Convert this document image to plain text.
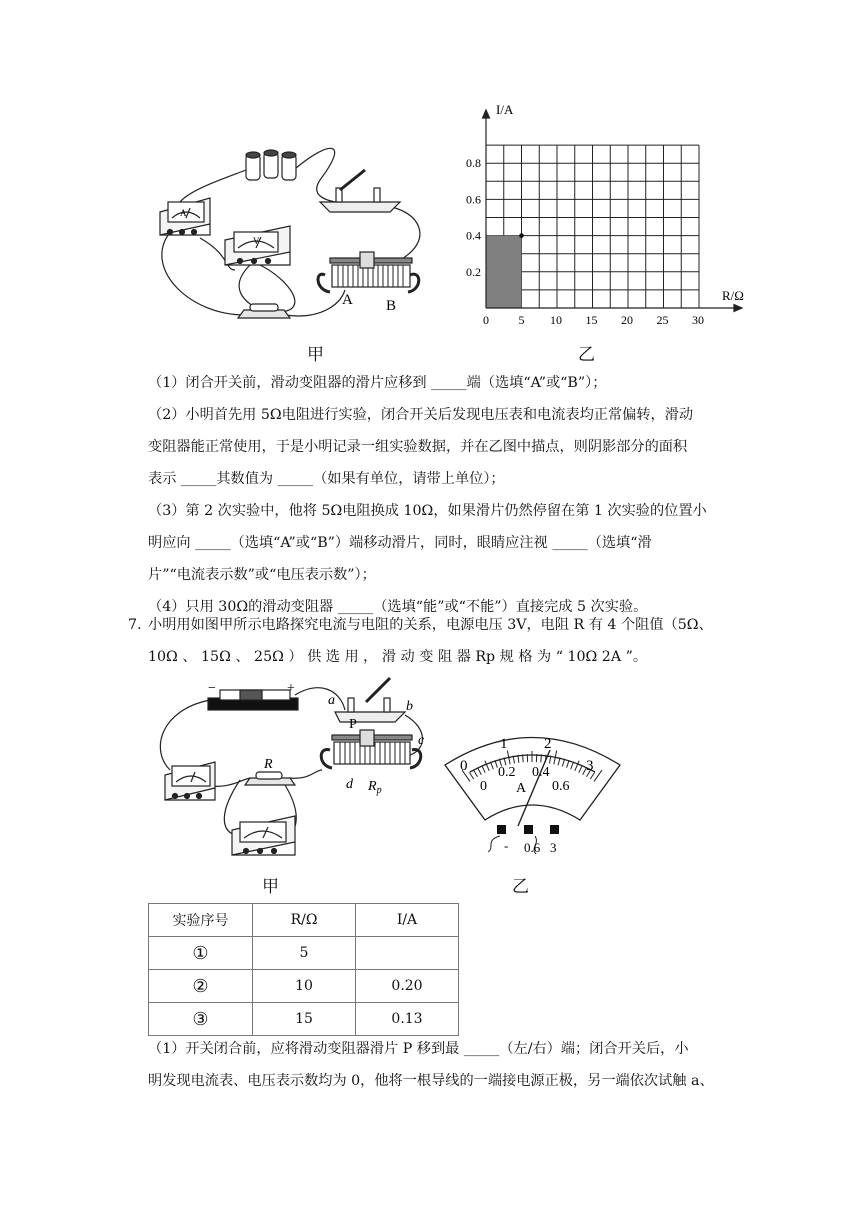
A
V
A B
0 5 10 15 20 25 30
0.2
0.4
0.6
0.8
I/A
R/Ω
甲	乙

（1）闭合开关前，滑动变阻器的滑片应移到 _____端（选填“A”或“B”）；

（2）小明首先用 5Ω电阻进行实验，闭合开关后发现电压表和电流表均正常偏转，滑动

变阻器能正常使用，于是小明记录一组实验数据，并在乙图中描点，则阴影部分的面积

表示 _____其数值为 _____（如果有单位，请带上单位）；

（3）第 2 次实验中，他将 5Ω电阻换成 10Ω，如果滑片仍然停留在第 1 次实验的位置小

明应向 _____（选填“A”或“B”）端移动滑片，同时，眼睛应注视 _____（选填“滑

片”“电流表示数”或“电压表示数”）；

（4）只用 30Ω的滑动变阻器 _____（选填“能”或“不能”）直接完成 5 次实验。

7. 小明用如图甲所示电路探究电流与电阻的关系，电源电压 3V，电阻 R 有 4 个阻值（5Ω、

10Ω 、 15Ω 、 25Ω ） 供 选 用 ， 滑 动 变 阻 器 Rp 规 格 为 “ 10Ω 2A ”。

−	+
a	b
c
R
P
d $R_p$
0
1 2
3
0
0.2 0.4
0.6
A
- 0.6 3
甲	乙
实验序号	R/Ω	I/A
①	5	
②	10	0.20
③	15	0.13

（1）开关闭合前，应将滑动变阻器滑片 P 移到最 _____（左/右）端；闭合开关后，小

明发现电流表、电压表示数均为 0，他将一根导线的一端接电源正极，另一端依次试触 a、
